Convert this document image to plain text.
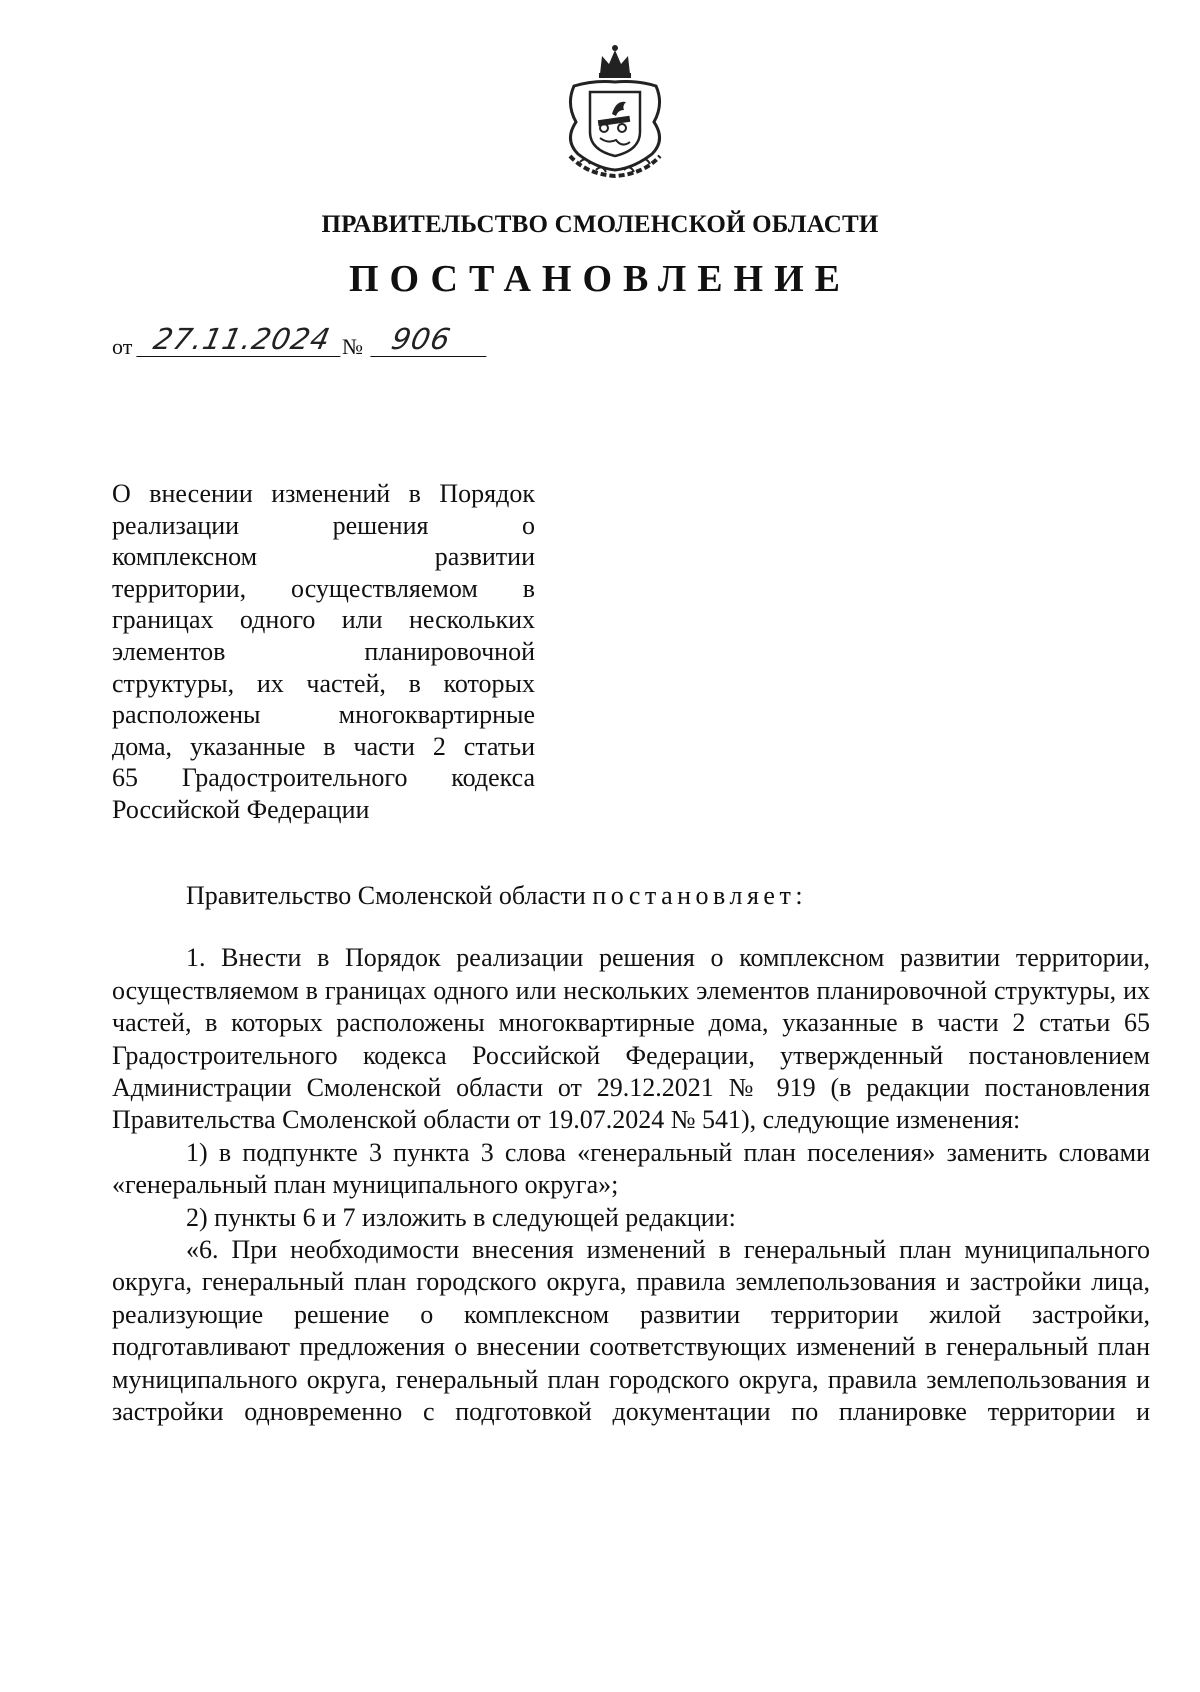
ПРАВИТЕЛЬСТВО СМОЛЕНСКОЙ ОБЛАСТИ
ПОСТАНОВЛЕНИЕ
от 27.11.2024 № 906
О внесении изменений в Порядок
реализации решения о
комплексном развитии
территории, осуществляемом в
границах одного или нескольких
элементов планировочной
структуры, их частей, в которых
расположены многоквартирные
дома, указанные в части 2 статьи
65 Градостроительного кодекса
Российской Федерации

Правительство Смоленской области постановляет:

1. Внести в Порядок реализации решения о комплексном развитии территории, осуществляемом в границах одного или нескольких элементов планировочной структуры, их частей, в которых расположены многоквартирные дома, указанные в части 2 статьи 65 Градостроительного кодекса Российской Федерации, утвержденный постановлением Администрации Смоленской области от 29.12.2021 № 919 (в редакции постановления Правительства Смоленской области от 19.07.2024 № 541), следующие изменения:

1) в подпункте 3 пункта 3 слова «генеральный план поселения» заменить словами «генеральный план муниципального округа»;

2) пункты 6 и 7 изложить в следующей редакции:

«6. При необходимости внесения изменений в генеральный план муниципального округа, генеральный план городского округа, правила землепользования и застройки лица, реализующие решение о комплексном развитии территории жилой застройки, подготавливают предложения о внесении соответствующих изменений в генеральный план муниципального округа, генеральный план городского округа, правила землепользования и застройки одновременно с подготовкой документации по планировке территории и
